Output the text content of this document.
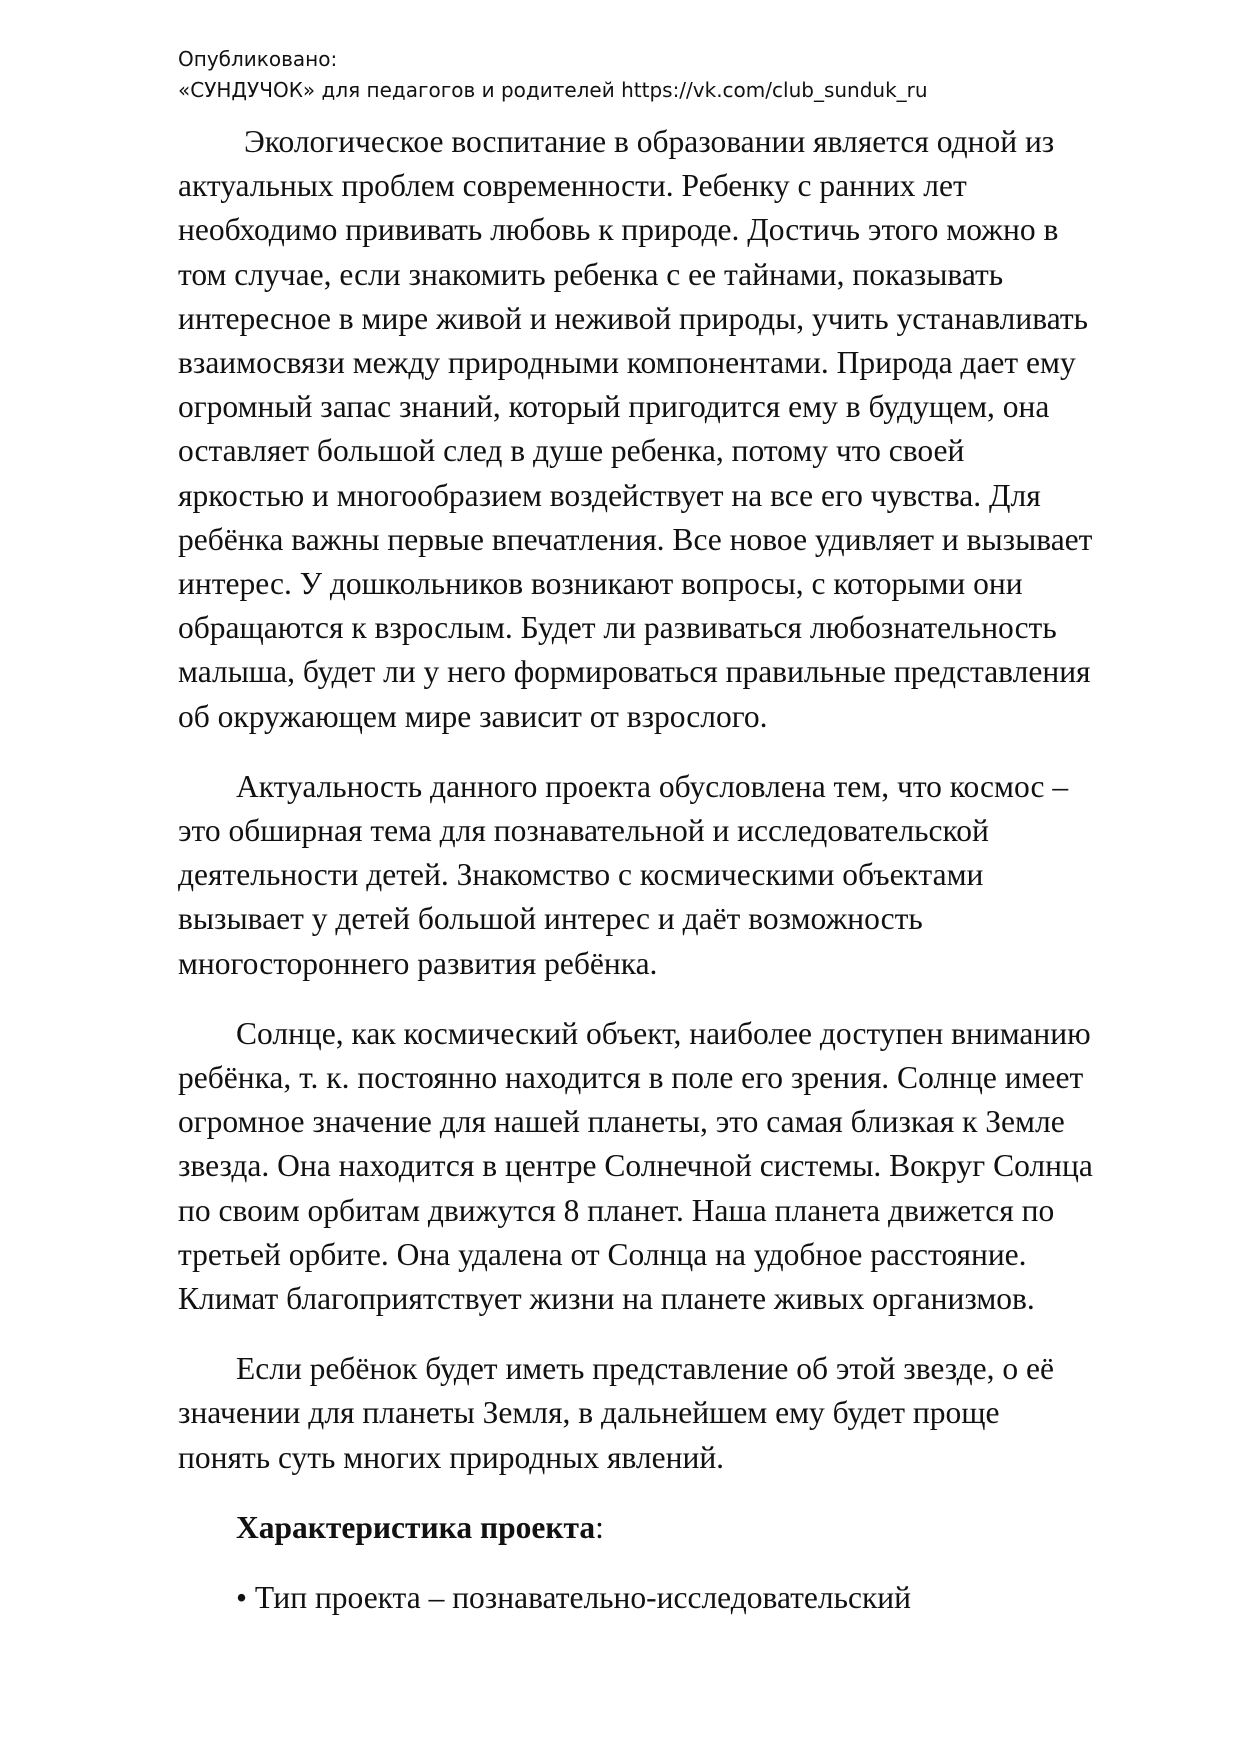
Опубликовано:
«СУНДУЧОК» для педагогов и родителей https://vk.com/club_sunduk_ru

Экологическое воспитание в образовании является одной из
актуальных проблем современности. Ребенку с ранних лет
необходимо прививать любовь к природе. Достичь этого можно в
том случае, если знакомить ребенка с ее тайнами, показывать
интересное в мире живой и неживой природы, учить устанавливать
взаимосвязи между природными компонентами. Природа дает ему
огромный запас знаний, который пригодится ему в будущем, она
оставляет большой след в душе ребенка, потому что своей
яркостью и многообразием воздействует на все его чувства. Для
ребёнка важны первые впечатления. Все новое удивляет и вызывает
интерес. У дошкольников возникают вопросы, с которыми они
обращаются к взрослым. Будет ли развиваться любознательность
малыша, будет ли у него формироваться правильные представления
об окружающем мире зависит от взрослого.

Актуальность данного проекта обусловлена тем, что космос –
это обширная тема для познавательной и исследовательской
деятельности детей. Знакомство с космическими объектами
вызывает у детей большой интерес и даёт возможность
многостороннего развития ребёнка.

Солнце, как космический объект, наиболее доступен вниманию
ребёнка, т. к. постоянно находится в поле его зрения. Солнце имеет
огромное значение для нашей планеты, это самая близкая к Земле
звезда. Она находится в центре Солнечной системы. Вокруг Солнца
по своим орбитам движутся 8 планет. Наша планета движется по
третьей орбите. Она удалена от Солнца на удобное расстояние.
Климат благоприятствует жизни на планете живых организмов.

Если ребёнок будет иметь представление об этой звезде, о её
значении для планеты Земля, в дальнейшем ему будет проще
понять суть многих природных явлений.

Характеристика проекта:

• Тип проекта – познавательно-исследовательский
